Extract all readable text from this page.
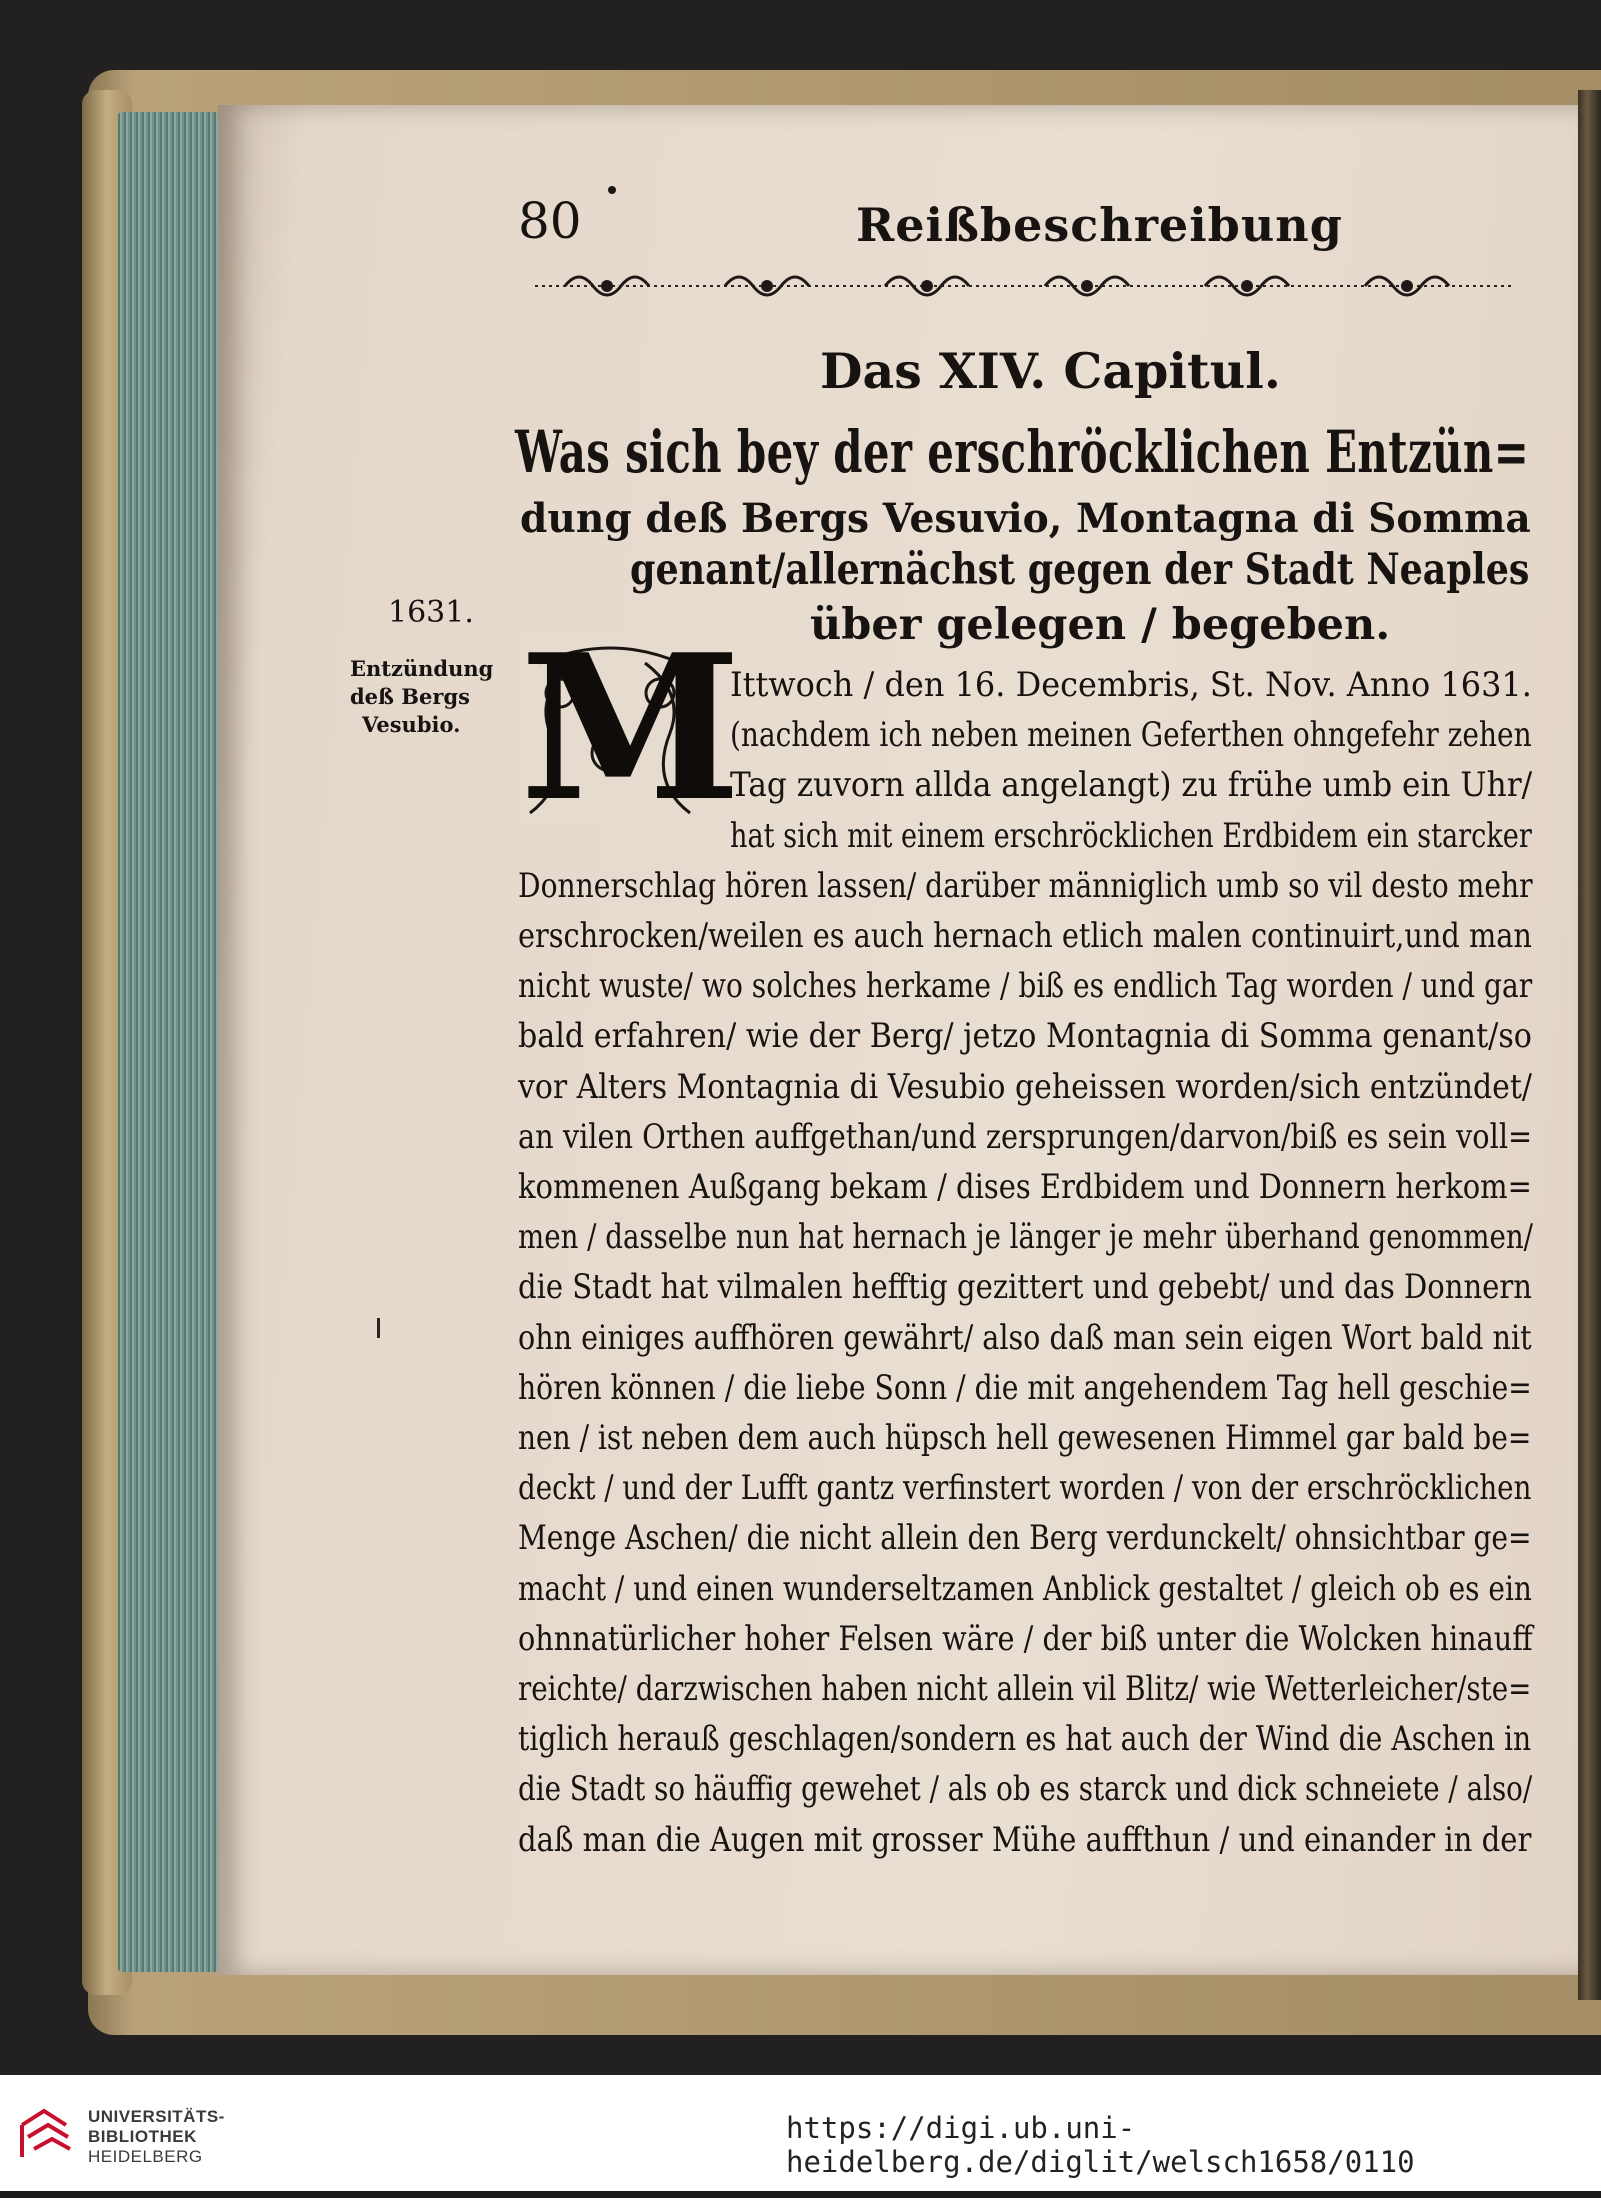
80	Reißbeschreibung
Das XIV. Capitul.
Was sich bey der erschröcklichen Entzün=
dung deß Bergs Vesuvio, Montagna di Somma
genant/allernächst gegen der Stadt Neaples
über gelegen / begeben.
1631.
Entzündung
deß Bergs
Vesubio. M
Ittwoch / den 16. Decembris, St. Nov. Anno 1631.
(nachdem ich neben meinen Geferthen ohngefehr zehen
Tag zuvorn allda angelangt) zu frühe umb ein Uhr/
hat sich mit einem erschröcklichen Erdbidem ein starcker
Donnerschlag hören lassen/ darüber männiglich umb so vil desto mehr
erschrocken/weilen es auch hernach etlich malen continuirt,und man
nicht wuste/ wo solches herkame / biß es endlich Tag worden / und gar
bald erfahren/ wie der Berg/ jetzo Montagnia di Somma genant/so
vor Alters Montagnia di Vesubio geheissen worden/sich entzündet/
an vilen Orthen auffgethan/und zersprungen/darvon/biß es sein voll=
kommenen Außgang bekam / dises Erdbidem und Donnern herkom=
men / dasselbe nun hat hernach je länger je mehr überhand genommen/
die Stadt hat vilmalen hefftig gezittert und gebebt/ und das Donnern
ohn einiges auffhören gewährt/ also daß man sein eigen Wort bald nit
hören können / die liebe Sonn / die mit angehendem Tag hell geschie=
nen / ist neben dem auch hüpsch hell gewesenen Himmel gar bald be=
deckt / und der Lufft gantz verfinstert worden / von der erschröcklichen
Menge Aschen/ die nicht allein den Berg verdunckelt/ ohnsichtbar ge=
macht / und einen wunderseltzamen Anblick gestaltet / gleich ob es ein
ohnnatürlicher hoher Felsen wäre / der biß unter die Wolcken hinauff
reichte/ darzwischen haben nicht allein vil Blitz/ wie Wetterleicher/ste=
tiglich herauß geschlagen/sondern es hat auch der Wind die Aschen in
die Stadt so häuffig gewehet / als ob es starck und dick schneiete / also/
daß man die Augen mit grosser Mühe auffthun / und einander in der
UNIVERSITÄTS-
BIBLIOTHEK
HEIDELBERG
https://digi.ub.uni-heidelberg.de/diglit/welsch1658/0110
